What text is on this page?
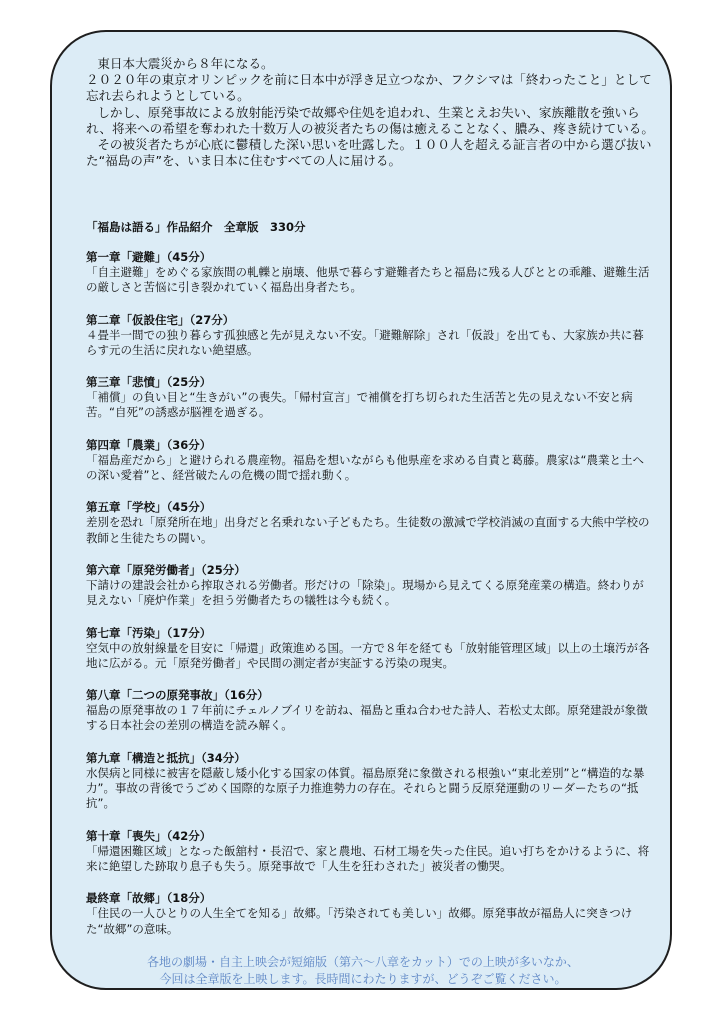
東日本大震災から８年になる。

２０２０年の東京オリンピックを前に日本中が浮き足立つなか、フクシマは「終わったこと」として忘れ去られようとしている。

しかし、原発事故による放射能汚染で故郷や住処を追われ、生業とえお失い、家族離散を強いられ、将来への希望を奪われた十数万人の被災者たちの傷は癒えることなく、膿み、疼き続けている。

その被災者たちが心底に鬱積した深い思いを吐露した。１００人を超える証言者の中から選び抜いた“福島の声”を、いま日本に住むすべての人に届ける。

「福島は語る」作品紹介　全章版　330分

第一章「避難」（45分）

「自主避難」をめぐる家族間の軋轢と崩壊、他県で暮らす避難者たちと福島に残る人びととの乖離、避難生活の厳しさと苦悩に引き裂かれていく福島出身者たち。

第二章「仮設住宅」（27分）

４畳半一間での独り暮らす孤独感と先が見えない不安。「避難解除」され「仮設」を出ても、大家族か共に暮らす元の生活に戻れない絶望感。

第三章「悲憤」（25分）

「補償」の負い目と“生きがい”の喪失。「帰村宣言」で補償を打ち切られた生活苦と先の見えない不安と病苦。“自死”の誘惑が脳裡を過ぎる。

第四章「農業」（36分）

「福島産だから」と避けられる農産物。福島を想いながらも他県産を求める自責と葛藤。農家は“農業と土への深い愛着”と、経営破たんの危機の間で揺れ動く。

第五章「学校」（45分）

差別を恐れ「原発所在地」出身だと名乗れない子どもたち。生徒数の激減で学校消滅の直面する大熊中学校の教師と生徒たちの闘い。

第六章「原発労働者」（25分）

下請けの建設会社から搾取される労働者。形だけの「除染」。現場から見えてくる原発産業の構造。終わりが見えない「廃炉作業」を担う労働者たちの犠牲は今も続く。

第七章「汚染」（17分）

空気中の放射線量を目安に「帰還」政策進める国。一方で８年を経ても「放射能管理区域」以上の土壌汚が各地に広がる。元「原発労働者」や民間の測定者が実証する汚染の現実。

第八章「二つの原発事故」（16分）

福島の原発事故の１７年前にチェルノブイリを訪ね、福島と重ね合わせた詩人、若松丈太郎。原発建設が象徴する日本社会の差別の構造を読み解く。

第九章「構造と抵抗」（34分）

水俣病と同様に被害を隠蔽し矮小化する国家の体質。福島原発に象徴される根強い“東北差別”と“構造的な暴力”。事故の背後でうごめく国際的な原子力推進勢力の存在。それらと闘う反原発運動のリーダーたちの“抵抗”。

第十章「喪失」（42分）

「帰還困難区域」となった飯舘村・長沼で、家と農地、石材工場を失った住民。追い打ちをかけるように、将来に絶望した跡取り息子も失う。原発事故で「人生を狂わされた」被災者の慟哭。

最終章「故郷」（18分）

「住民の一人ひとりの人生全てを知る」故郷。「汚染されても美しい」故郷。原発事故が福島人に突きつけた“故郷”の意味。

各地の劇場・自主上映会が短縮版（第六〜八章をカット）での上映が多いなか、

今回は全章版を上映します。長時間にわたりますが、どうぞご覧ください。
